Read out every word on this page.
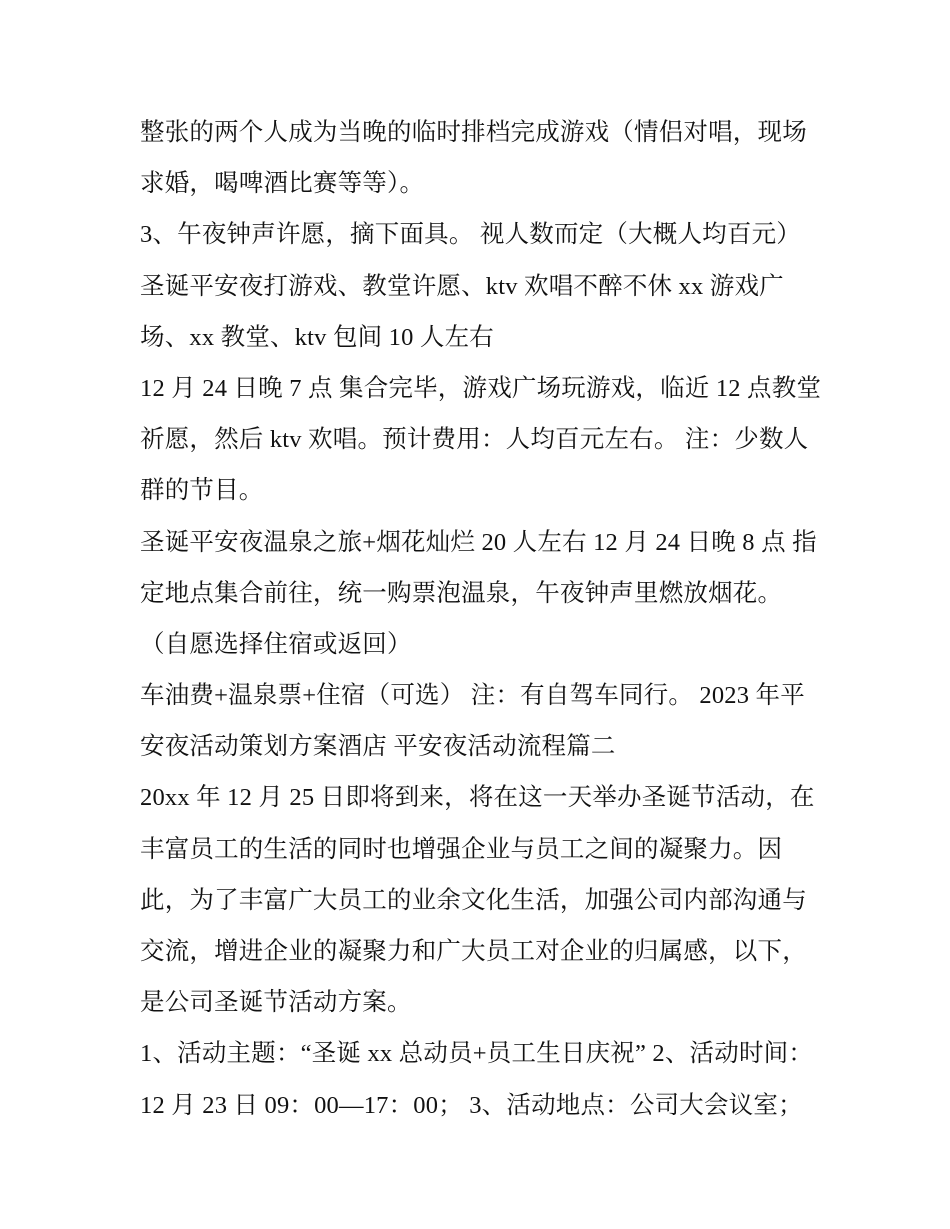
整张的两个人成为当晚的临时排档完成游戏（情侣对唱，现场
求婚，喝啤酒比赛等等）。
3、午夜钟声许愿，摘下面具。 视人数而定（大概人均百元）
圣诞平安夜打游戏、教堂许愿、ktv 欢唱不醉不休 xx 游戏广
场、xx 教堂、ktv 包间 10 人左右
12 月 24 日晚 7 点 集合完毕，游戏广场玩游戏，临近 12 点教堂
祈愿，然后 ktv 欢唱。预计费用：人均百元左右。 注：少数人
群的节目。
圣诞平安夜温泉之旅+烟花灿烂 20 人左右 12 月 24 日晚 8 点 指
定地点集合前往，统一购票泡温泉，午夜钟声里燃放烟花。
（自愿选择住宿或返回）
车油费+温泉票+住宿（可选） 注：有自驾车同行。 2023 年平
安夜活动策划方案酒店 平安夜活动流程篇二
20xx 年 12 月 25 日即将到来，将在这一天举办圣诞节活动，在
丰富员工的生活的同时也增强企业与员工之间的凝聚力。因
此，为了丰富广大员工的业余文化生活，加强公司内部沟通与
交流，增进企业的凝聚力和广大员工对企业的归属感，以下，
是公司圣诞节活动方案。
1、活动主题：“圣诞 xx 总动员+员工生日庆祝” 2、活动时间：
12 月 23 日 09：00—17：00； 3、活动地点：公司大会议室；
